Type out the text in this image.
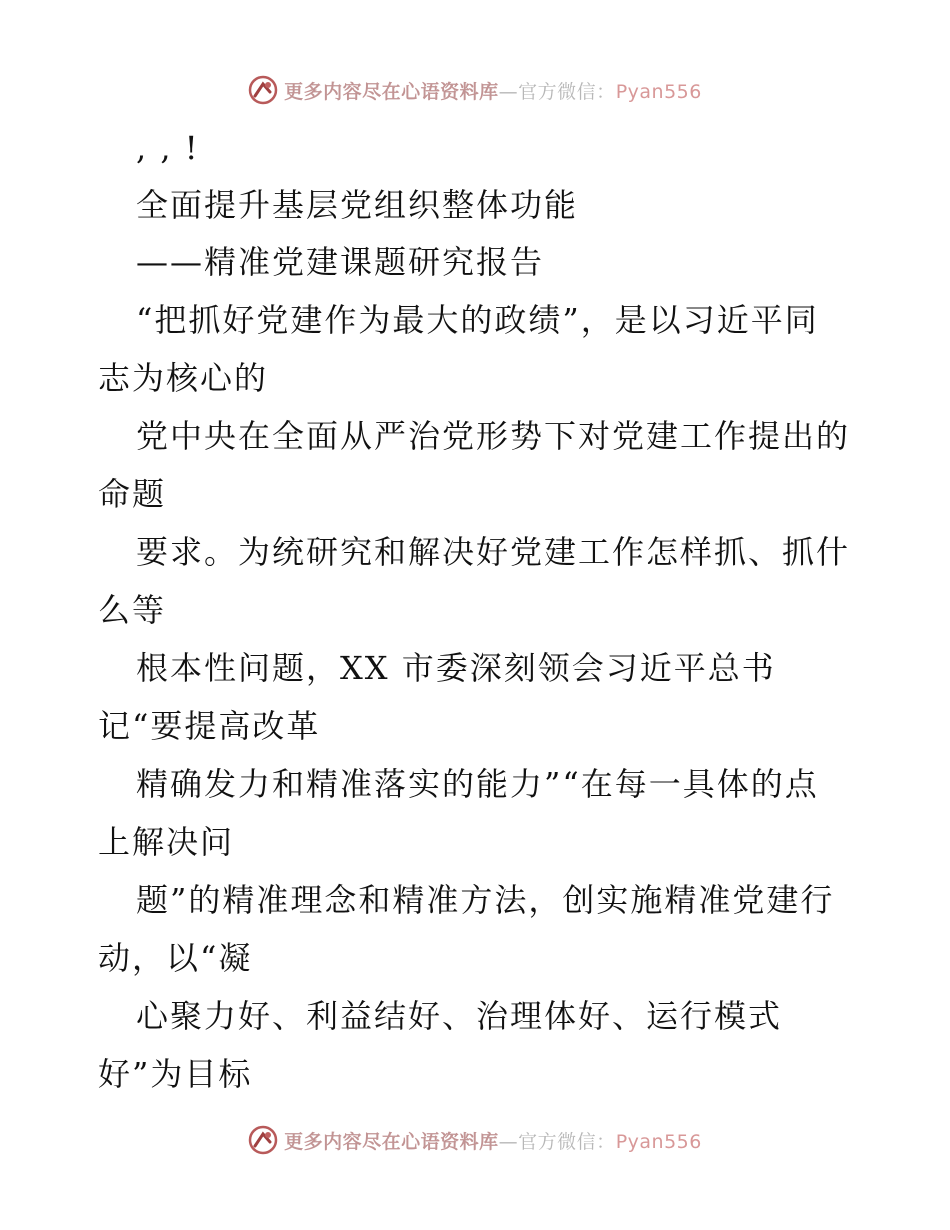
更多内容尽在心语资料库—官方微信：Pyan556
, , !
全面提升基层党组织整体功能
——精准党建课题研究报告
“把抓好党建作为最大的政绩”，是以习近平同
志为核心的
党中央在全面从严治党形势下对党建工作提出的
命题
要求。为统研究和解决好党建工作怎样抓、抓什
么等
根本性问题，XX 市委深刻领会习近平总书
记“要提高改革
精确发力和精准落实的能力”“在每一具体的点
上解决问
题”的精准理念和精准方法，创实施精准党建行
动，以“凝
心聚力好、利益结好、治理体好、运行模式
好”为目标
更多内容尽在心语资料库—官方微信：Pyan556
